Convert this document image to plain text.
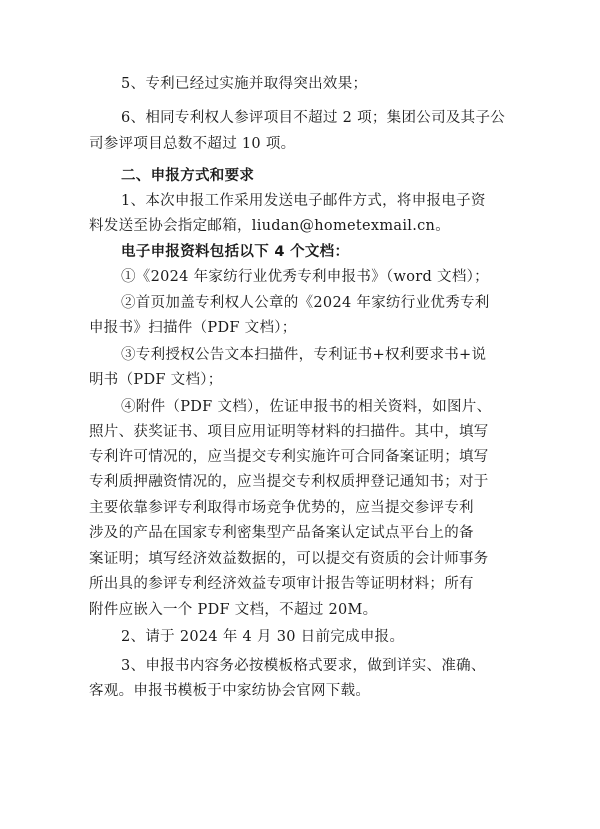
5、专利已经过实施并取得突出效果；
6、相同专利权人参评项目不超过 2 项；集团公司及其子公
司参评项目总数不超过 10 项。
二、申报方式和要求
1、本次申报工作采用发送电子邮件方式，将申报电子资
料发送至协会指定邮箱，liudan@hometexmail.cn。
电子申报资料包括以下 4 个文档：
①《2024 年家纺行业优秀专利申报书》（word 文档）；
②首页加盖专利权人公章的《2024 年家纺行业优秀专利
申报书》扫描件（PDF 文档）；
③专利授权公告文本扫描件，专利证书+权利要求书+说
明书（PDF 文档）；
④附件（PDF 文档），佐证申报书的相关资料，如图片、
照片、获奖证书、项目应用证明等材料的扫描件。其中，填写
专利许可情况的，应当提交专利实施许可合同备案证明；填写
专利质押融资情况的，应当提交专利权质押登记通知书；对于
主要依靠参评专利取得市场竞争优势的，应当提交参评专利
涉及的产品在国家专利密集型产品备案认定试点平台上的备
案证明；填写经济效益数据的，可以提交有资质的会计师事务
所出具的参评专利经济效益专项审计报告等证明材料；所有
附件应嵌入一个 PDF 文档，不超过 20M。
2、请于 2024 年 4 月 30 日前完成申报。
3、申报书内容务必按模板格式要求，做到详实、准确、
客观。申报书模板于中家纺协会官网下载。
